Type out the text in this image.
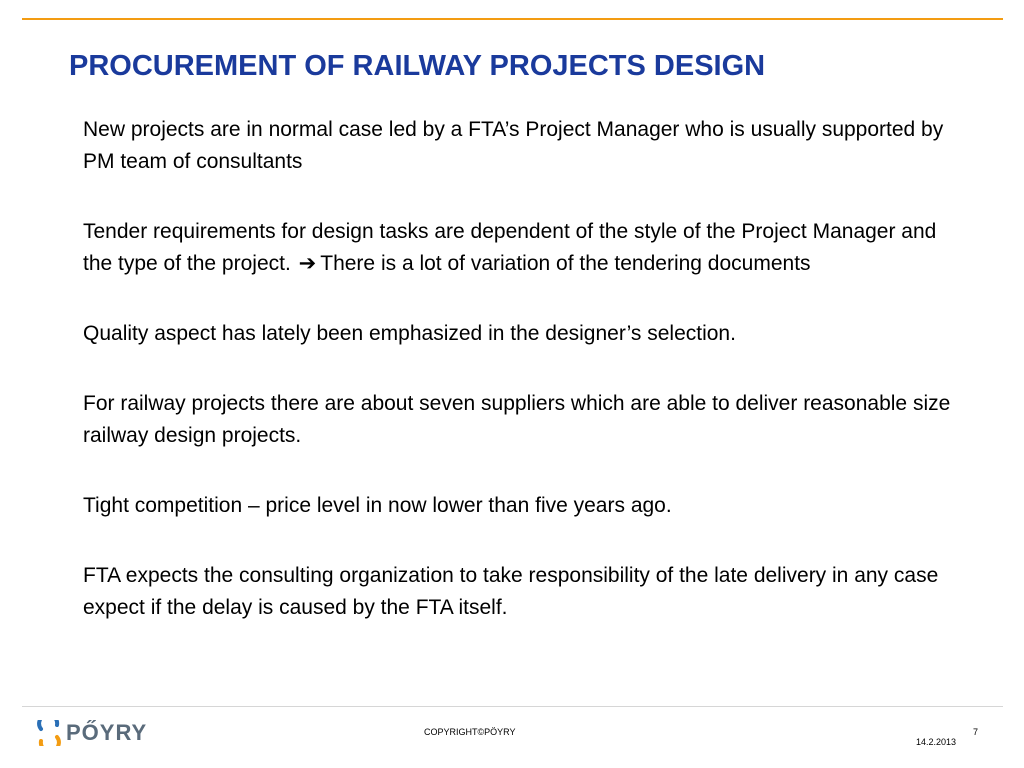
PROCUREMENT OF RAILWAY PROJECTS DESIGN

New projects are in normal case led by a FTA’s Project Manager who is usually supported by PM team of consultants

Tender requirements for design tasks are dependent of the style of the Project Manager and the type of the project. ➔ There is a lot of variation of the tendering documents

Quality aspect has lately been emphasized in the designer’s selection.

For railway projects there are about seven suppliers which are able to deliver reasonable size railway design projects.

Tight competition – price level in now lower than five years ago.

FTA expects the consulting organization to take responsibility of the late delivery in any case expect if the delay is caused by the FTA itself.

PŐYRY	COPYRIGHT©PÖYRY	7
14.2.2013
